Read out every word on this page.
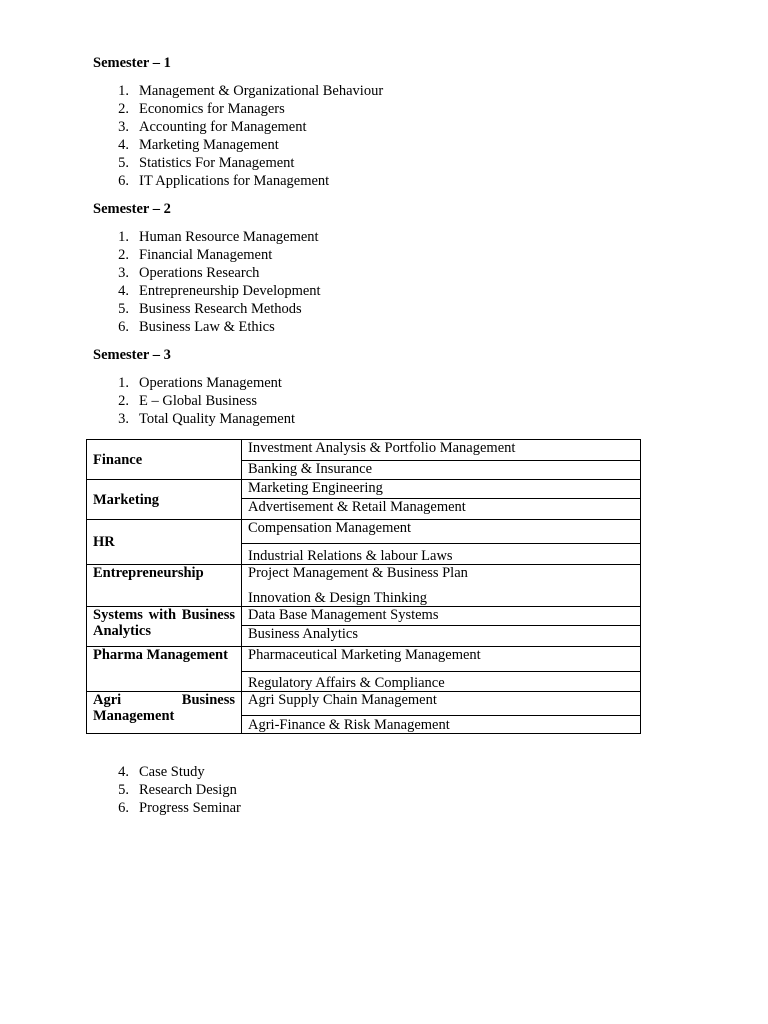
Semester – 1

1. Management & Organizational Behaviour
2. Economics for Managers
3. Accounting for Management
4. Marketing Management
5. Statistics For Management
6. IT Applications for Management

Semester – 2

1. Human Resource Management
2. Financial Management
3. Operations Research
4. Entrepreneurship Development
5. Business Research Methods
6. Business Law & Ethics

Semester – 3

1. Operations Management
2. E – Global Business
3. Total Quality Management
Finance	Investment Analysis & Portfolio Management
	Banking & Insurance
Marketing	Marketing Engineering
	Advertisement & Retail Management
HR	Compensation Management
	Industrial Relations & labour Laws
Entrepreneurship	Project Management & Business Plan
	Innovation & Design Thinking
Systems with Business Analytics	Data Base Management Systems
	Business Analytics
Pharma Management	Pharmaceutical Marketing Management
	Regulatory Affairs & Compliance
Agri Business Management	Agri Supply Chain Management
	Agri-Finance & Risk Management
4. Case Study
5. Research Design
6. Progress Seminar
